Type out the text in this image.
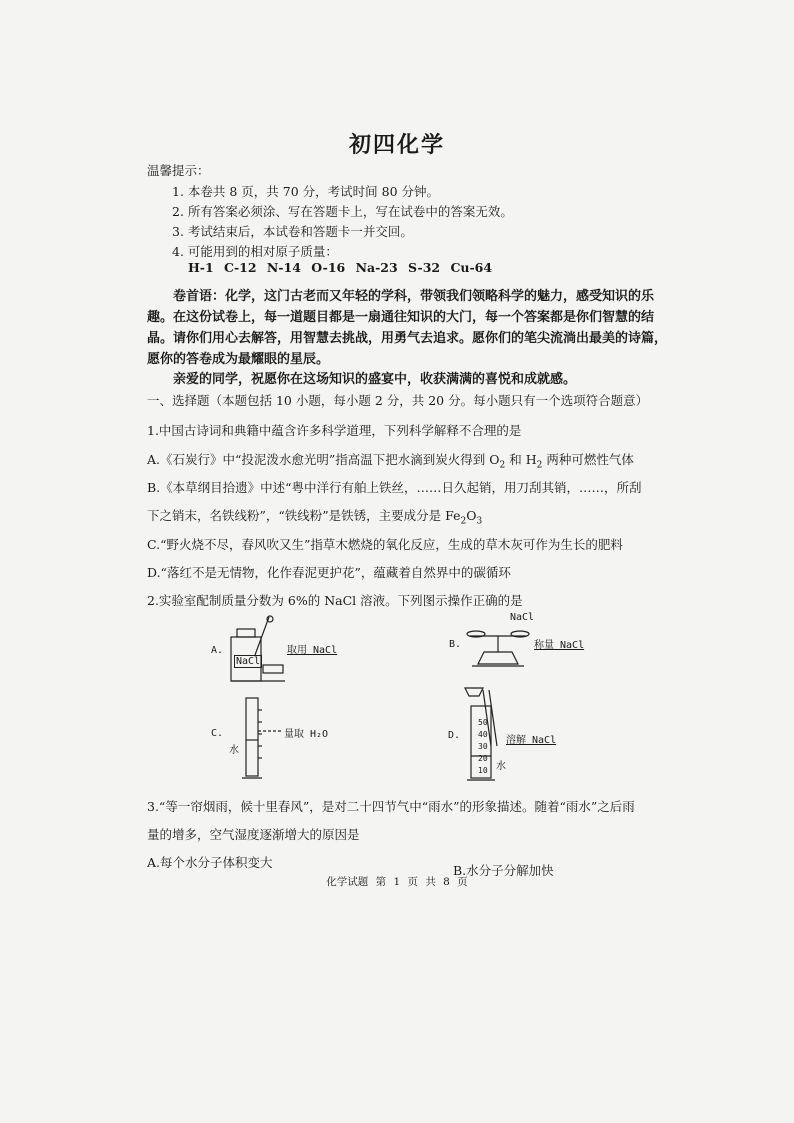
初四化学
温馨提示：
1. 本卷共 8 页，共 70 分，考试时间 80 分钟。
2. 所有答案必须涂、写在答题卡上，写在试卷中的答案无效。
3. 考试结束后，本试卷和答题卡一并交回。
4. 可能用到的相对原子质量：
H-1 C-12 N-14 O-16 Na-23 S-32 Cu-64
卷首语：化学，这门古老而又年轻的学科，带领我们领略科学的魅力，感受知识的乐趣。在这份试卷上，每一道题目都是一扇通往知识的大门，每一个答案都是你们智慧的结晶。请你们用心去解答，用智慧去挑战，用勇气去追求。愿你们的笔尖流淌出最美的诗篇，愿你的答卷成为最耀眼的星辰。
亲爱的同学，祝愿你在这场知识的盛宴中，收获满满的喜悦和成就感。
一、选择题（本题包括 10 小题，每小题 2 分，共 20 分。每小题只有一个选项符合题意）
1.中国古诗词和典籍中蕴含许多科学道理，下列科学解释不合理的是
A.《石炭行》中“投泥泼水愈光明”指高温下把水滴到炭火得到 $O_2$ 和 $H_2$ 两种可燃性气体
B.《本草纲目拾遗》中述“粤中洋行有舶上铁丝，……日久起销，用刀刮其销，……，所刮
下之销末，名铁线粉”，“铁线粉”是铁锈，主要成分是 $Fe_2O_3$
C.“野火烧不尽，春风吹又生”指草木燃烧的氧化反应，生成的草木灰可作为生长的肥料
D.“落红不是无情物，化作春泥更护花”，蕴藏着自然界中的碳循环
2.实验室配制质量分数为 6%的 NaCl 溶液。下列图示操作正确的是
A.	取用 NaCl
NaCl
B.
NaCl
称量 NaCl
C.	量取 H₂O
水
D.	溶解 NaCl
水
50
40
30
20
10
3.“等一帘烟雨，候十里春风”，是对二十四节气中“雨水”的形象描述。随着“雨水”之后雨
量的增多，空气湿度逐渐增大的原因是
A.每个水分子体积变大
B.水分子分解加快
化学试题 第 1 页 共 8 页
